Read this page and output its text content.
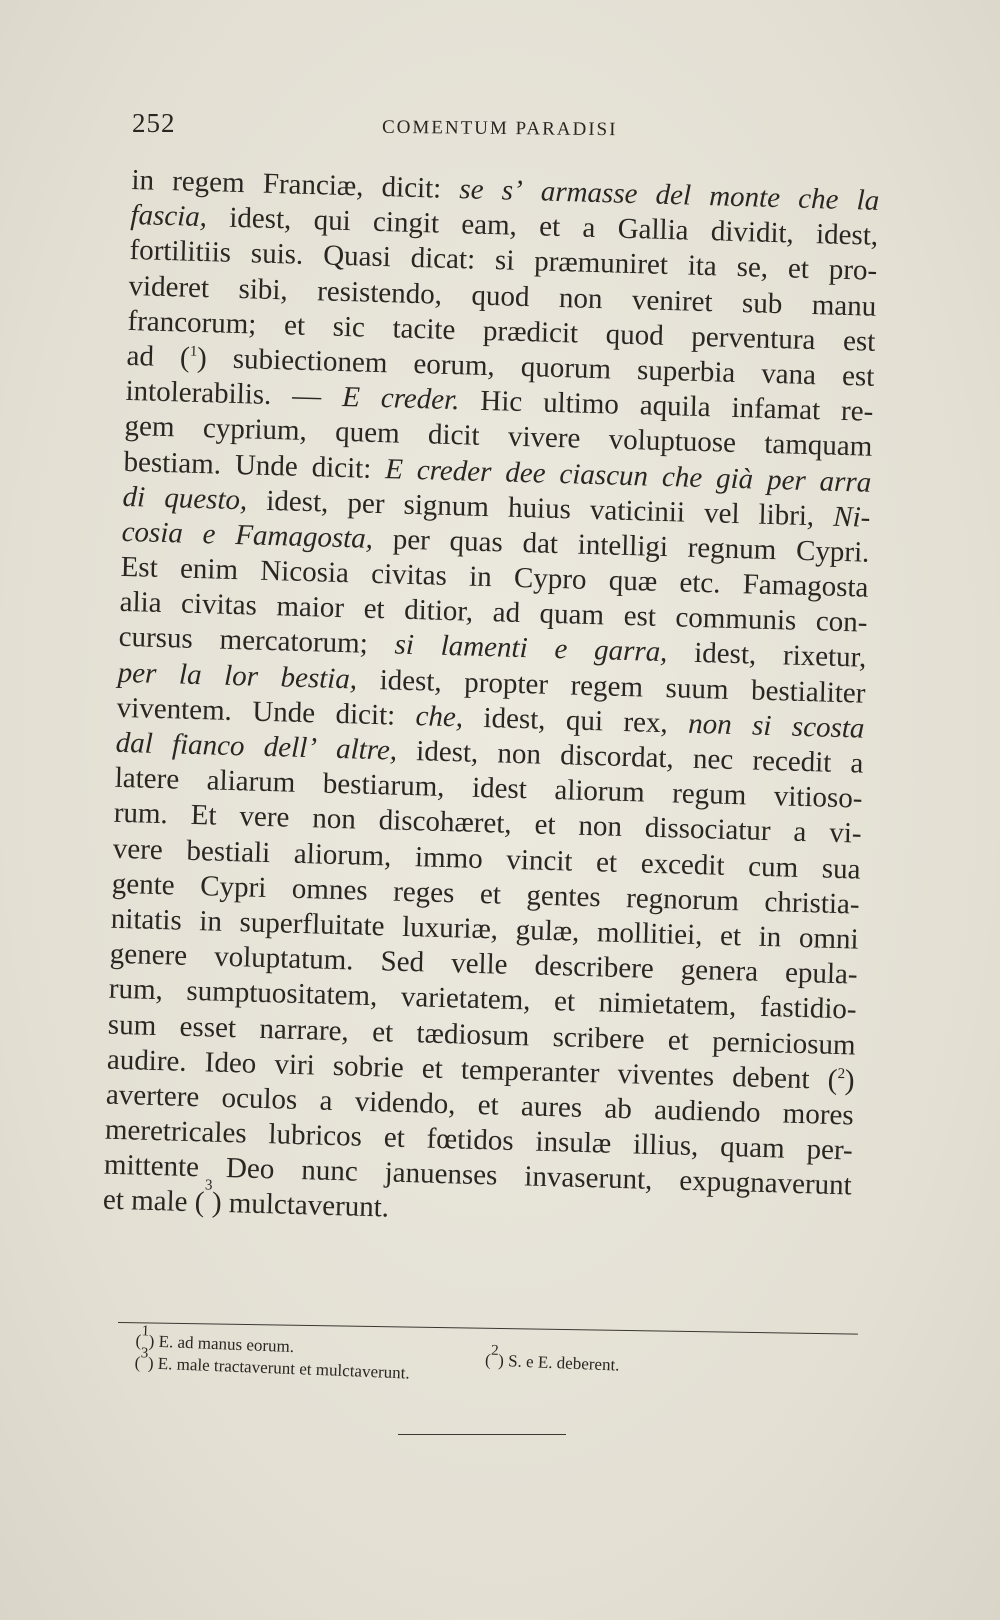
252	COMENTUM PARADISI
in regem Franciæ, dicit: se s’ armasse del monte che la
fascia, idest, qui cingit eam, et a Gallia dividit, idest,
fortilitiis suis. Quasi dicat: si præmuniret ita se, et pro-
videret sibi, resistendo, quod non veniret sub manu
francorum; et sic tacite prædicit quod perventura est
ad ($^1$) subiectionem eorum, quorum superbia vana est
intolerabilis. — E creder. Hic ultimo aquila infamat re-
gem cyprium, quem dicit vivere voluptuose tamquam
bestiam. Unde dicit: E creder dee ciascun che già per arra
di questo, idest, per signum huius vaticinii vel libri, Ni-
cosia e Famagosta, per quas dat intelligi regnum Cypri.
Est enim Nicosia civitas in Cypro quæ etc. Famagosta
alia civitas maior et ditior, ad quam est communis con-
cursus mercatorum; si lamenti e garra, idest, rixetur,
per la lor bestia, idest, propter regem suum bestialiter
viventem. Unde dicit: che, idest, qui rex, non si scosta
dal fianco dell’ altre, idest, non discordat, nec recedit a
latere aliarum bestiarum, idest aliorum regum vitioso-
rum. Et vere non discohæret, et non dissociatur a vi-
vere bestiali aliorum, immo vincit et excedit cum sua
gente Cypri omnes reges et gentes regnorum christia-
nitatis in superfluitate luxuriæ, gulæ, mollitiei, et in omni
genere voluptatum. Sed velle describere genera epula-
rum, sumptuositatem, varietatem, et nimietatem, fastidio-
sum esset narrare, et tædiosum scribere et perniciosum
audire. Ideo viri sobrie et temperanter viventes debent ($^2$)
avertere oculos a videndo, et aures ab audiendo mores
meretricales lubricos et fœtidos insulæ illius, quam per-
mittente Deo nunc januenses invaserunt, expugnaverunt
et male ( 3
) mulctaverunt.
($^1$) E. ad manus eorum.
($^2$) S. e E. deberent.
($^3$) E. male tractaverunt et mulctaverunt.
